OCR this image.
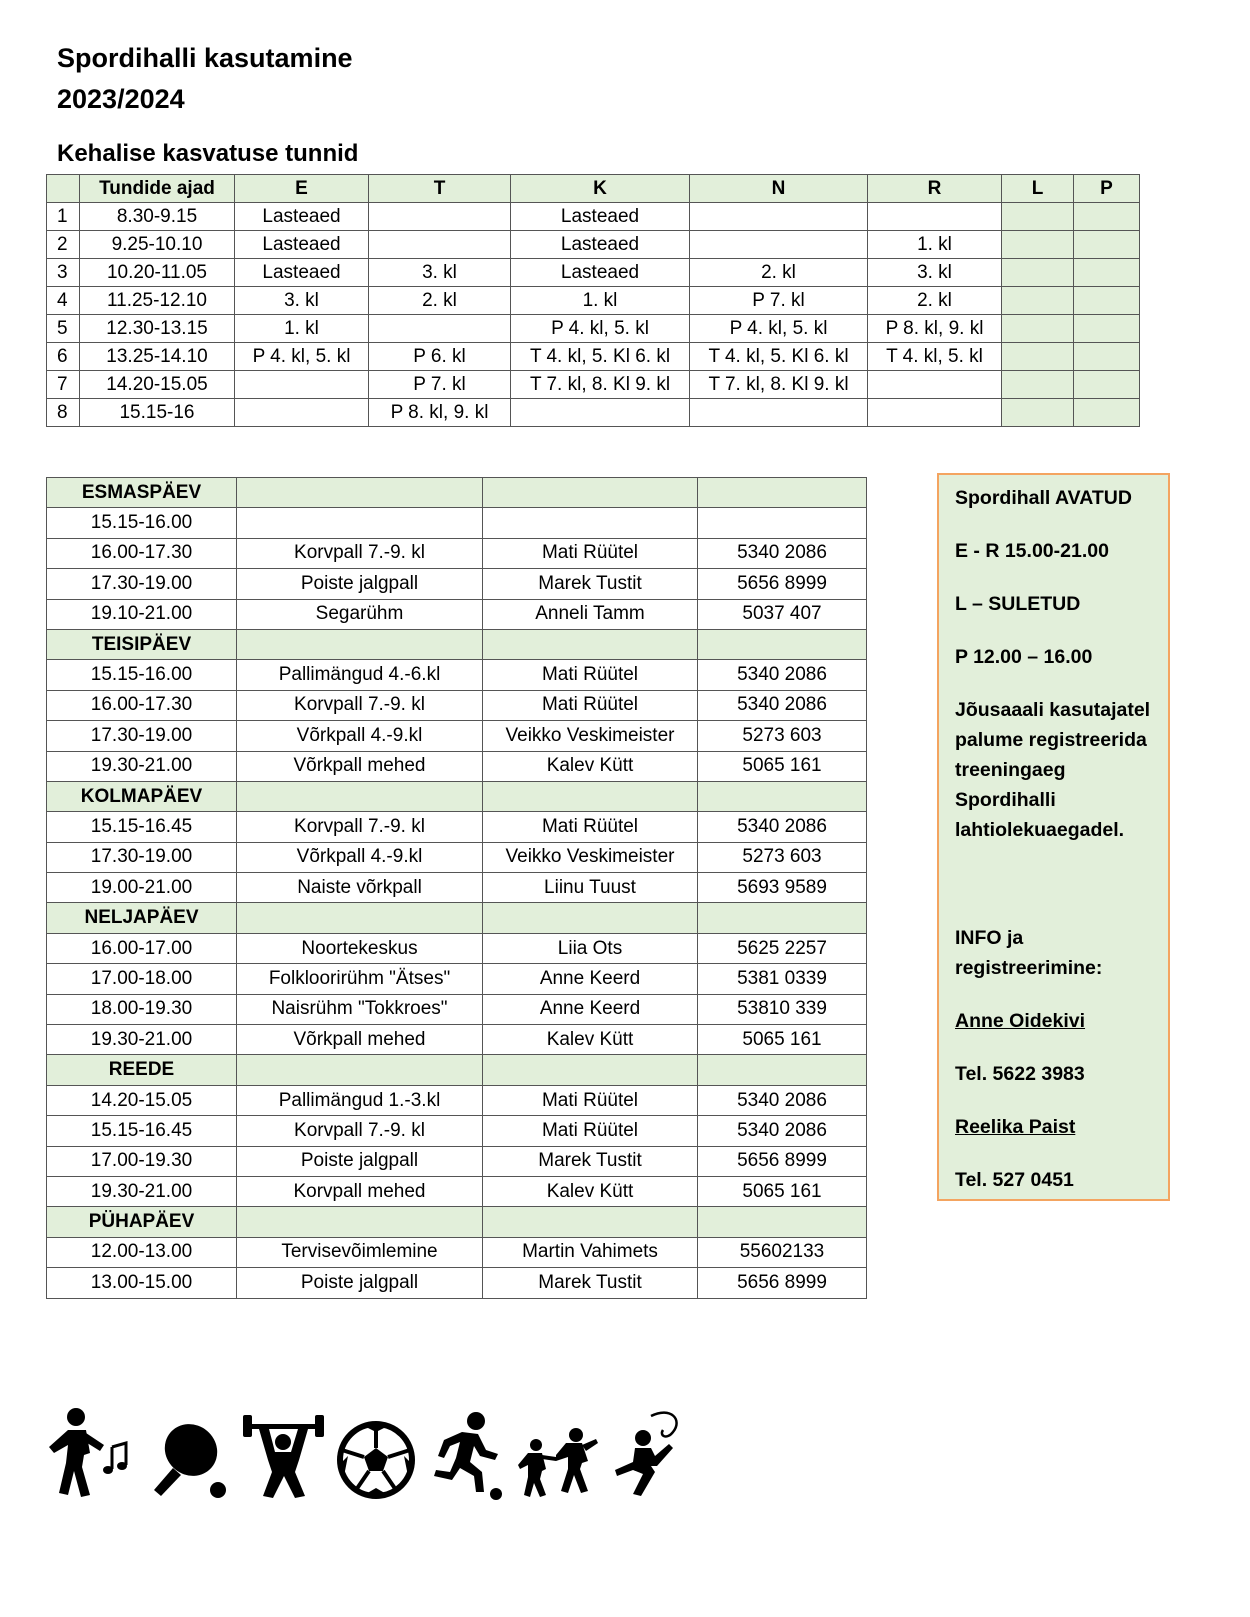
Spordihalli kasutamine
2023/2024
Kehalise kasvatuse tunnid
	Tundide ajad	E	T	K	N	R	L	P
1	8.30-9.15	Lasteaed		Lasteaed				
2	9.25-10.10	Lasteaed		Lasteaed		1. kl		
3	10.20-11.05	Lasteaed	3. kl	Lasteaed	2. kl	3. kl		
4	11.25-12.10	3. kl	2. kl	1. kl	P 7. kl	2. kl		
5	12.30-13.15	1. kl		P 4. kl, 5. kl	P 4. kl, 5. kl	P 8. kl, 9. kl		
6	13.25-14.10	P 4. kl, 5. kl	P 6. kl	T 4. kl, 5. Kl 6. kl	T 4. kl, 5. Kl 6. kl	T 4. kl, 5. kl		
7	14.20-15.05		P 7. kl	T 7. kl, 8. Kl 9. kl	T 7. kl, 8. Kl 9. kl			
8	15.15-16		P 8. kl, 9. kl					
ESMASPÄEV			
15.15-16.00			
16.00-17.30	Korvpall 7.-9. kl	Mati Rüütel	5340 2086
17.30-19.00	Poiste jalgpall	Marek Tustit	5656 8999
19.10-21.00	Segarühm	Anneli Tamm	5037 407
TEISIPÄEV			
15.15-16.00	Pallimängud 4.-6.kl	Mati Rüütel	5340 2086
16.00-17.30	Korvpall 7.-9. kl	Mati Rüütel	5340 2086
17.30-19.00	Võrkpall 4.-9.kl	Veikko Veskimeister	5273 603
19.30-21.00	Võrkpall mehed	Kalev Kütt	5065 161
KOLMAPÄEV			
15.15-16.45	Korvpall 7.-9. kl	Mati Rüütel	5340 2086
17.30-19.00	Võrkpall 4.-9.kl	Veikko Veskimeister	5273 603
19.00-21.00	Naiste võrkpall	Liinu Tuust	5693 9589
NELJAPÄEV			
16.00-17.00	Noortekeskus	Liia Ots	5625 2257
17.00-18.00	Folkloorirühm "Ätses"	Anne Keerd	5381 0339
18.00-19.30	Naisrühm "Tokkroes"	Anne Keerd	53810 339
19.30-21.00	Võrkpall mehed	Kalev Kütt	5065 161
REEDE			
14.20-15.05	Pallimängud 1.-3.kl	Mati Rüütel	5340 2086
15.15-16.45	Korvpall 7.-9. kl	Mati Rüütel	5340 2086
17.00-19.30	Poiste jalgpall	Marek Tustit	5656 8999
19.30-21.00	Korvpall mehed	Kalev Kütt	5065 161
PÜHAPÄEV			
12.00-13.00	Tervisevõimlemine	Martin Vahimets	55602133
13.00-15.00	Poiste jalgpall	Marek Tustit	5656 8999

Spordihall AVATUD

E - R 15.00-21.00

L – SULETUD

P 12.00 – 16.00

Jõusaaali kasutajatel
palume registreerida
treeningaeg
Spordihalli
lahtiolekuaegadel.

INFO ja
registreerimine:

Anne Oidekivi

Tel. 5622 3983

Reelika Paist

Tel. 527 0451
